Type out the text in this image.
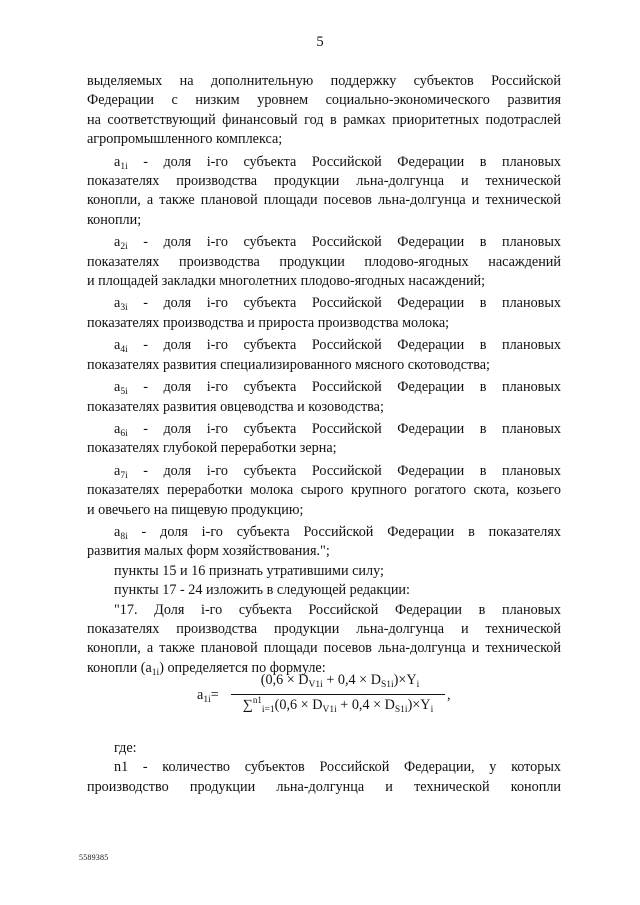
5

выделяемых на дополнительную поддержку субъектов Российской

Федерации с низким уровнем социально-экономического развития

на соответствующий финансовый год в рамках приоритетных подотраслей

агропромышленного комплекса;

$a_{1i}$ - доля i-го субъекта Российской Федерации в плановых

показателях производства продукции льна-долгунца и технической

конопли, а также плановой площади посевов льна-долгунца и технической

конопли;

$a_{2i}$ - доля i-го субъекта Российской Федерации в плановых

показателях производства продукции плодово-ягодных насаждений

и площадей закладки многолетних плодово-ягодных насаждений;

$a_{3i}$ - доля i-го субъекта Российской Федерации в плановых

показателях производства и прироста производства молока;

$a_{4i}$ - доля i-го субъекта Российской Федерации в плановых

показателях развития специализированного мясного скотоводства;

$a_{5i}$ - доля i-го субъекта Российской Федерации в плановых

показателях развития овцеводства и козоводства;

$a_{6i}$ - доля i-го субъекта Российской Федерации в плановых

показателях глубокой переработки зерна;

$a_{7i}$ - доля i-го субъекта Российской Федерации в плановых

показателях переработки молока сырого крупного рогатого скота, козьего

и овечьего на пищевую продукцию;

$a_{8i}$ - доля i-го субъекта Российской Федерации в показателях

развития малых форм хозяйствования.";

пункты 15 и 16 признать утратившими силу;

пункты 17 - 24 изложить в следующей редакции:

"17. Доля i-го субъекта Российской Федерации в плановых

показателях производства продукции льна-долгунца и технической

конопли, а также плановой площади посевов льна-долгунца и технической

конопли $(a_{1i})$ определяется по формуле:

$a_{1i}=$
$(0,6 \times D_{V1i} + 0,4 \times D_{S1i})\times Y_i$
$\sum^{n1}_{i=1}(0,6 \times D_{V1i} + 0,4 \times D_{S1i})\times Y_i$
,

где:

n1 - количество субъектов Российской Федерации, у которых

производство продукции льна-долгунца и технической конопли

5589385
